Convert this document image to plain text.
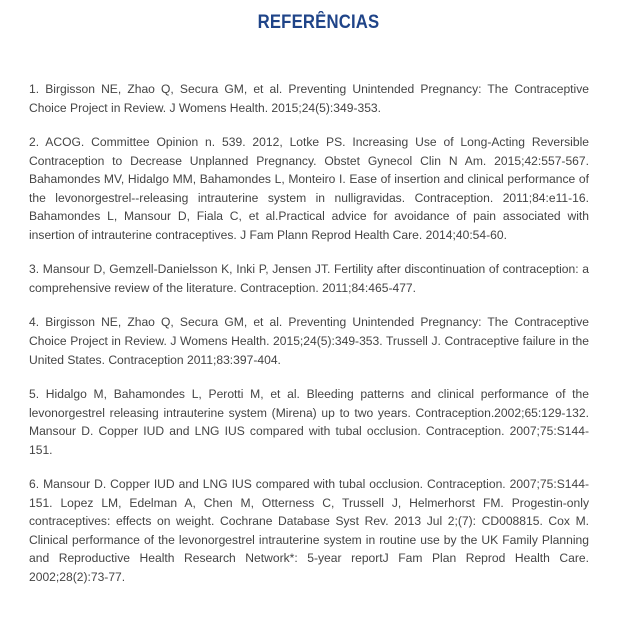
REFERÊNCIAS

1. Birgisson NE, Zhao Q, Secura GM, et al. Preventing Unintended Pregnancy: The Contraceptive Choice Project in Review. J Womens Health. 2015;24(5):349-353.

2. ACOG. Committee Opinion n. 539. 2012, Lotke PS. Increasing Use of Long-Acting Reversible Contraception to Decrease Unplanned Pregnancy. Obstet Gynecol Clin N Am. 2015;42:557-567. Bahamondes MV, Hidalgo MM, Bahamondes L, Monteiro I. Ease of insertion and clinical performance of the levonorgestrel--releasing intrauterine system in nulligravidas. Contraception. 2011;84:e11-16. Bahamondes L, Mansour D, Fiala C, et al.Practical advice for avoidance of pain associated with insertion of intrauterine contraceptives. J Fam Plann Reprod Health Care. 2014;40:54-60.

3. Mansour D, Gemzell-Danielsson K, Inki P, Jensen JT. Fertility after discontinuation of contraception: a comprehensive review of the literature. Contraception. 2011;84:465-477.

4. Birgisson NE, Zhao Q, Secura GM, et al. Preventing Unintended Pregnancy: The Contraceptive Choice Project in Review. J Womens Health. 2015;24(5):349-353. Trussell J. Contraceptive failure in the United States. Contraception 2011;83:397-404.

5. Hidalgo M, Bahamondes L, Perotti M, et al. Bleeding patterns and clinical performance of the levonorgestrel releasing intrauterine system (Mirena) up to two years. Contraception.2002;65:129-132. Mansour D. Copper IUD and LNG IUS compared with tubal occlusion. Contraception. 2007;75:S144-151.

6. Mansour D. Copper IUD and LNG IUS compared with tubal occlusion. Contraception. 2007;75:S144-151. Lopez LM, Edelman A, Chen M, Otterness C, Trussell J, Helmerhorst FM. Progestin-only contraceptives: effects on weight. Cochrane Database Syst Rev. 2013 Jul 2;(7): CD008815. Cox M. Clinical performance of the levonorgestrel intrauterine system in routine use by the UK Family Planning and Reproductive Health Research Network*: 5-year reportJ Fam Plan Reprod Health Care. 2002;28(2):73-77.
